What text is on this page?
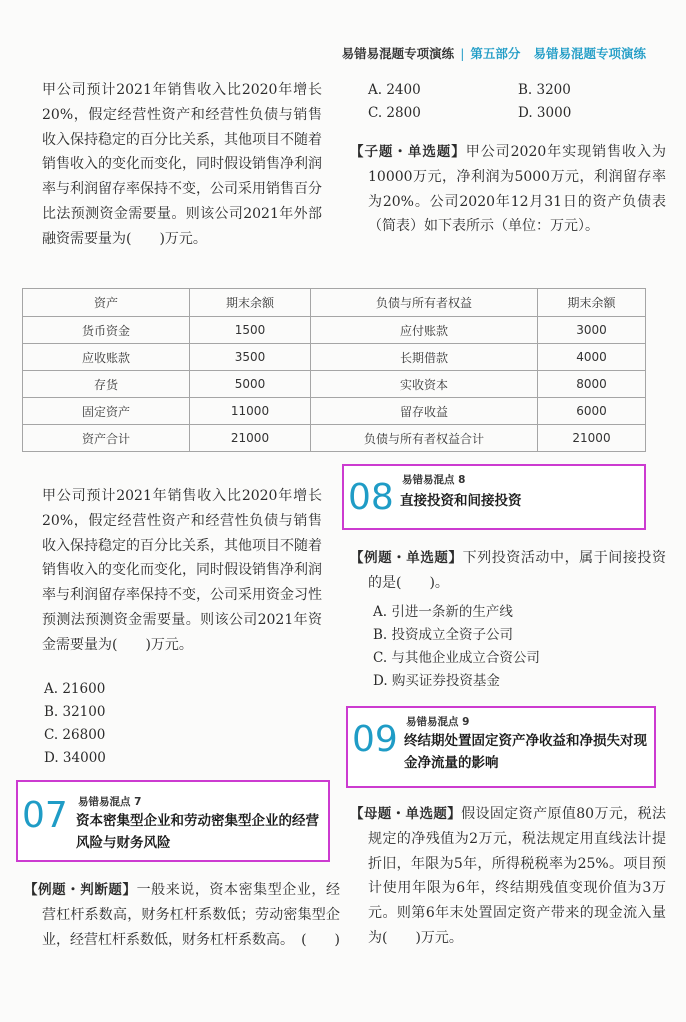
易错易混题专项演练 | 第五部分 易错易混题专项演练
甲公司预计2021年销售收入比2020年增长20%，假定经营性资产和经营性负债与销售收入保持稳定的百分比关系，其他项目不随着销售收入的变化而变化，同时假设销售净利润率与利润留存率保持不变，公司采用销售百分比法预测资金需要量。则该公司2021年外部融资需要量为(　　)万元。
A. 2400	B. 3200
C. 2800	D. 3000
【子题・单选题】甲公司2020年实现销售收入为10000万元，净利润为5000万元，利润留存率为20%。公司2020年12月31日的资产负债表（简表）如下表所示（单位：万元）。
资产	期末余额	负债与所有者权益	期末余额
货币资金	1500	应付账款	3000
应收账款	3500	长期借款	4000
存货	5000	实收资本	8000
固定资产	11000	留存收益	6000
资产合计	21000	负债与所有者权益合计	21000
甲公司预计2021年销售收入比2020年增长20%，假定经营性资产和经营性负债与销售收入保持稳定的百分比关系，其他项目不随着销售收入的变化而变化，同时假设销售净利润率与利润留存率保持不变，公司采用资金习性预测法预测资金需要量。则该公司2021年资金需要量为(　　)万元。
A. 21600
B. 32100
C. 26800
D. 34000
07 易错易混点 7
资本密集型企业和劳动密集型企业的经营风险与财务风险
【例题・判断题】一般来说，资本密集型企业，经营杠杆系数高，财务杠杆系数低；劳动密集型企业，经营杠杆系数低，财务杠杆系数高。 (　　)
08 易错易混点 8
直接投资和间接投资
【例题・单选题】下列投资活动中，属于间接投资的是(　　)。
A. 引进一条新的生产线
B. 投资成立全资子公司
C. 与其他企业成立合资公司
D. 购买证券投资基金
09 易错易混点 9
终结期处置固定资产净收益和净损失对现金净流量的影响
【母题・单选题】假设固定资产原值80万元，税法规定的净残值为2万元，税法规定用直线法计提折旧，年限为5年，所得税税率为25%。项目预计使用年限为6年，终结期残值变现价值为3万元。则第6年末处置固定资产带来的现金流入量为(　　)万元。
